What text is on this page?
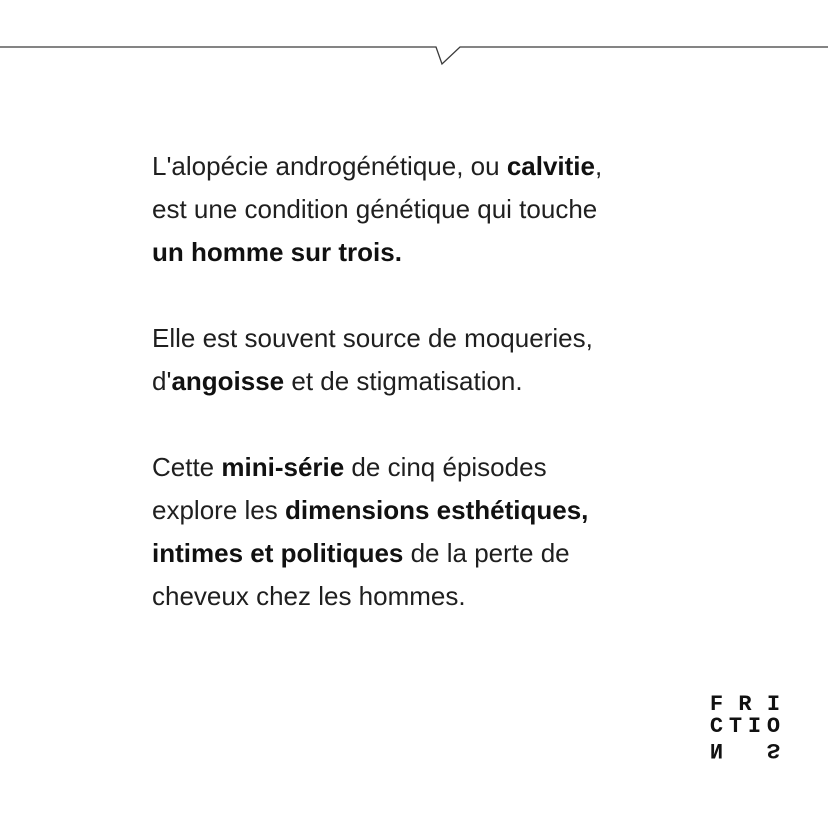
L'alopécie androgénétique, ou calvitie,
est une condition génétique qui touche
un homme sur trois.

Elle est souvent source de moqueries,
d'angoisse et de stigmatisation.

Cette mini-série de cinq épisodes
explore les dimensions esthétiques,
intimes et politiques de la perte de
cheveux chez les hommes.

F R I
C T I O
N S
